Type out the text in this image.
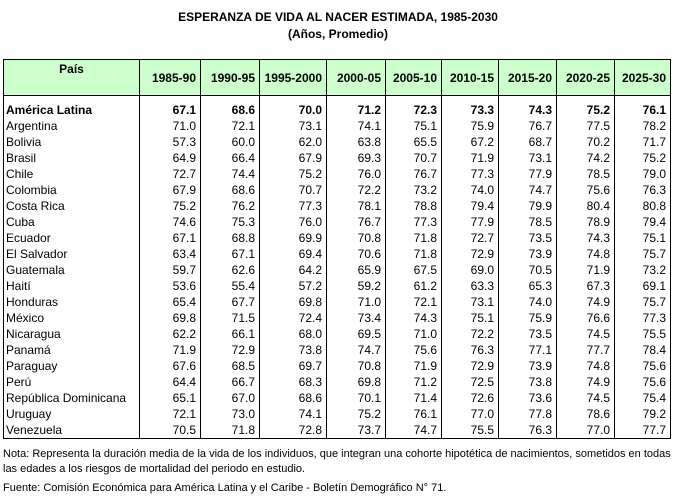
ESPERANZA DE VIDA AL NACER ESTIMADA, 1985-2030
(Años, Promedio)
País	1985-90	1990-95	1995-2000	2000-05	2005-10	2010-15	2015-20	2020-25	2025-30

América Latina	67.1	68.6	70.0	71.2	72.3	73.3	74.3	75.2	76.1
Argentina	71.0	72.1	73.1	74.1	75.1	75.9	76.7	77.5	78.2
Bolivia	57.3	60.0	62.0	63.8	65.5	67.2	68.7	70.2	71.7
Brasil	64.9	66.4	67.9	69.3	70.7	71.9	73.1	74.2	75.2
Chile	72.7	74.4	75.2	76.0	76.7	77.3	77.9	78.5	79.0
Colombia	67.9	68.6	70.7	72.2	73.2	74.0	74.7	75.6	76.3
Costa Rica	75.2	76.2	77.3	78.1	78.8	79.4	79.9	80.4	80.8
Cuba	74.6	75.3	76.0	76.7	77.3	77.9	78.5	78.9	79.4
Ecuador	67.1	68.8	69.9	70.8	71.8	72.7	73.5	74.3	75.1
El Salvador	63.4	67.1	69.4	70.6	71.8	72.9	73.9	74.8	75.7
Guatemala	59.7	62.6	64.2	65.9	67.5	69.0	70.5	71.9	73.2
Haití	53.6	55.4	57.2	59.2	61.2	63.3	65.3	67.3	69.1
Honduras	65.4	67.7	69.8	71.0	72.1	73.1	74.0	74.9	75.7
México	69.8	71.5	72.4	73.4	74.3	75.1	75.9	76.6	77.3
Nicaragua	62.2	66.1	68.0	69.5	71.0	72.2	73.5	74.5	75.5
Panamá	71.9	72.9	73.8	74.7	75.6	76.3	77.1	77.7	78.4
Paraguay	67.6	68.5	69.7	70.8	71.9	72.9	73.9	74.8	75.6
Perú	64.4	66.7	68.3	69.8	71.2	72.5	73.8	74.9	75.6
República Dominicana	65.1	67.0	68.6	70.1	71.4	72.6	73.6	74.5	75.4
Uruguay	72.1	73.0	74.1	75.2	76.1	77.0	77.8	78.6	79.2
Venezuela	70.5	71.8	72.8	73.7	74.7	75.5	76.3	77.0	77.7
Nota: Representa la duración media de la vida de los individuos, que integran una cohorte hipotética de nacimientos, sometidos en todas las edades a los riesgos de mortalidad del periodo en estudio.
Fuente: Comisión Económica para América Latina y el Caribe - Boletín Demográfico N° 71.
